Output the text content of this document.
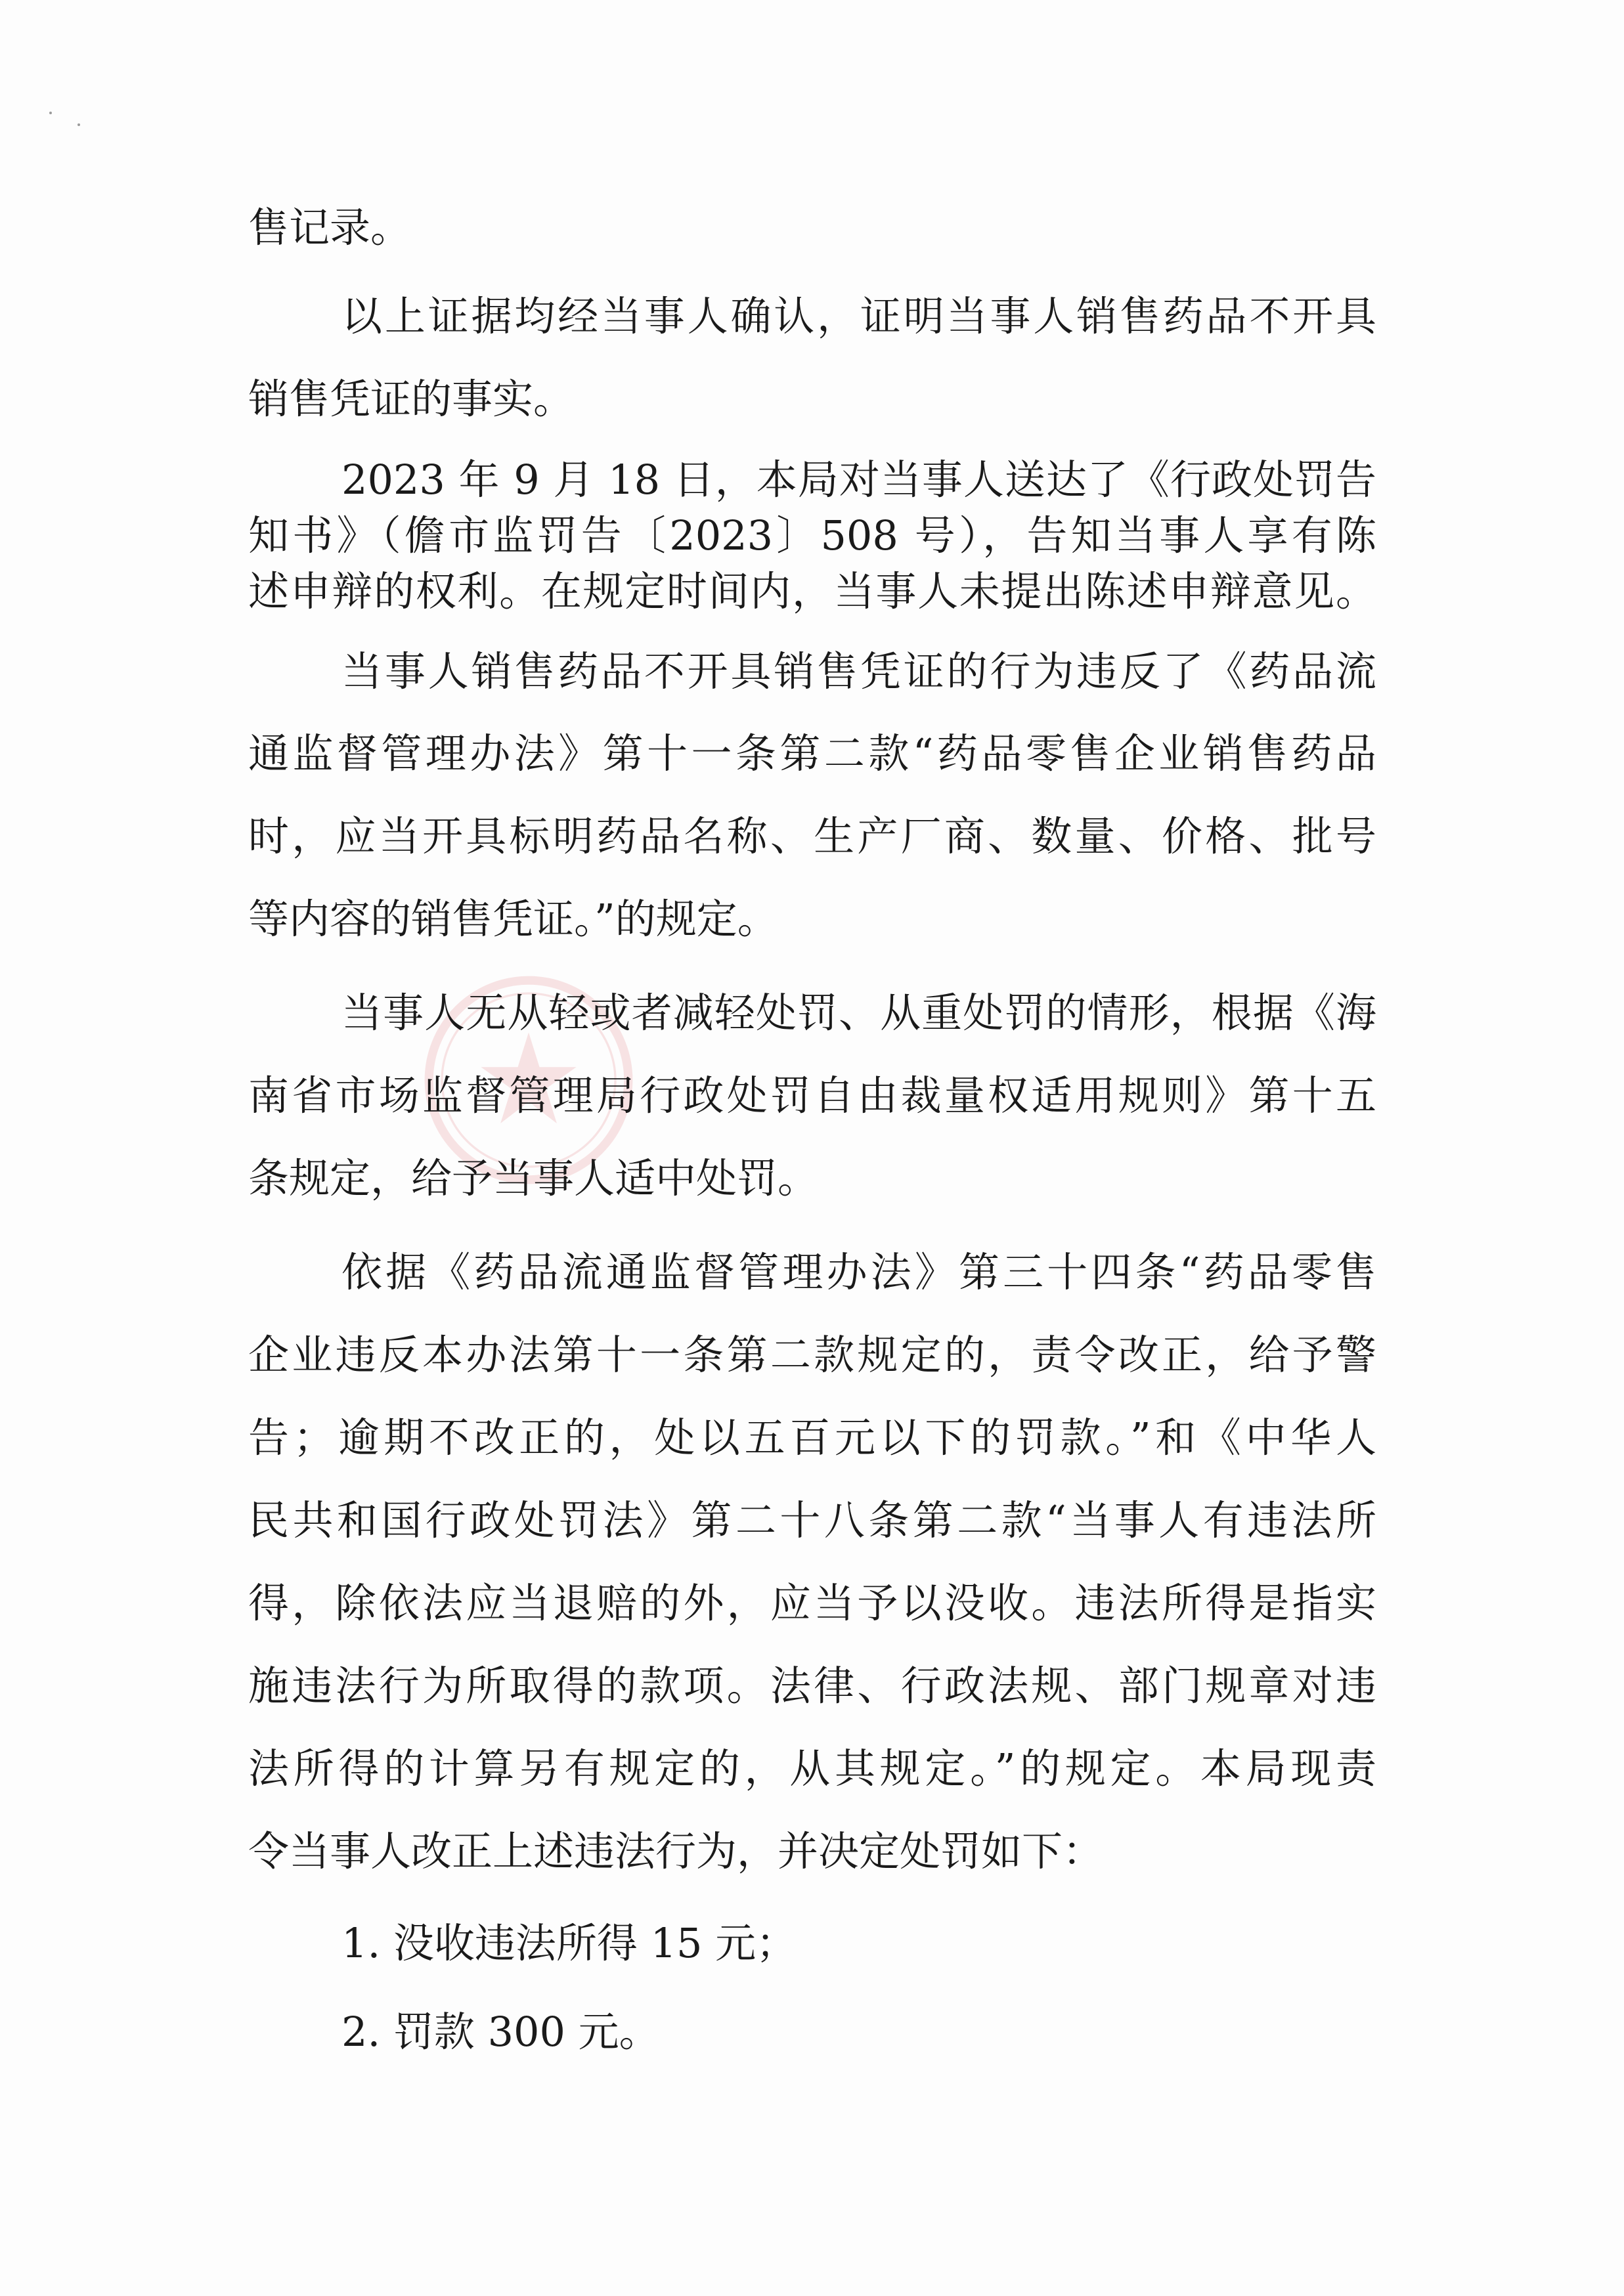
售记录。
以上证据均经当事人确认，证明当事人销售药品不开具
销售凭证的事实。
2023 年 9 月 18 日，本局对当事人送达了《行政处罚告
知书》（儋市监罚告〔2023〕508 号），告知当事人享有陈
述申辩的权利。在规定时间内，当事人未提出陈述申辩意见。
当事人销售药品不开具销售凭证的行为违反了《药品流
通监督管理办法》第十一条第二款“药品零售企业销售药品
时，应当开具标明药品名称、生产厂商、数量、价格、批号
等内容的销售凭证。”的规定。
当事人无从轻或者减轻处罚、从重处罚的情形，根据《海
南省市场监督管理局行政处罚自由裁量权适用规则》第十五
条规定，给予当事人适中处罚。
依据《药品流通监督管理办法》第三十四条“药品零售
企业违反本办法第十一条第二款规定的，责令改正，给予警
告；逾期不改正的，处以五百元以下的罚款。”和《中华人
民共和国行政处罚法》第二十八条第二款“当事人有违法所
得，除依法应当退赔的外，应当予以没收。违法所得是指实
施违法行为所取得的款项。法律、行政法规、部门规章对违
法所得的计算另有规定的，从其规定。”的规定。本局现责
令当事人改正上述违法行为，并决定处罚如下：
1. 没收违法所得 15 元；
2. 罚款 300 元。
